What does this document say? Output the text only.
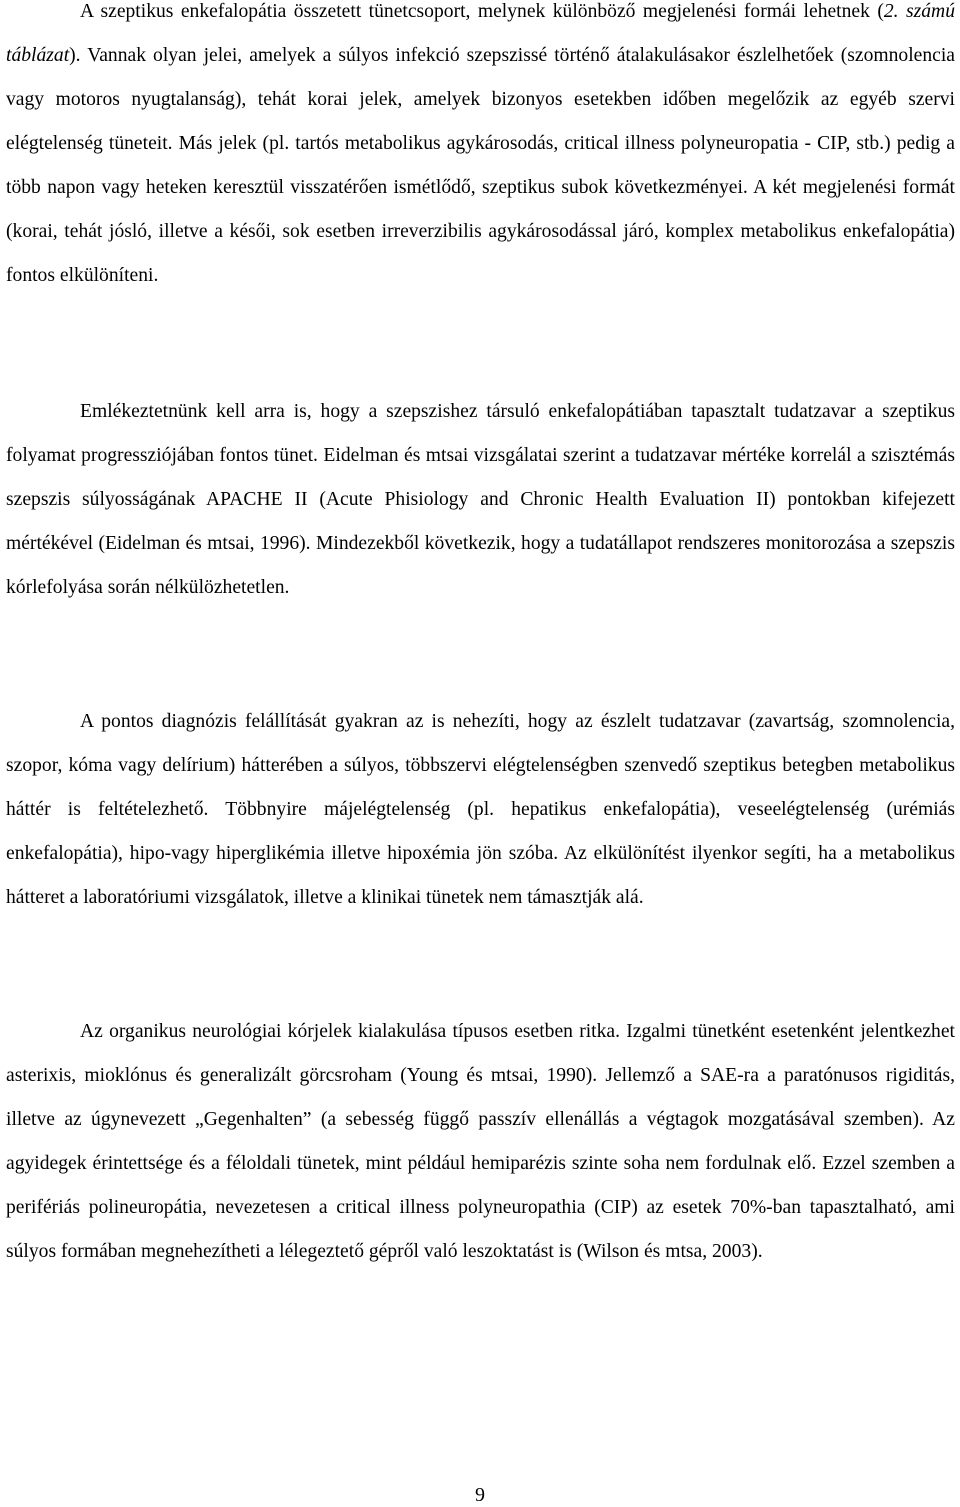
A szeptikus enkefalopátia összetett tünetcsoport, melynek különböző megjelenési formái lehetnek (2. számú táblázat). Vannak olyan jelei, amelyek a súlyos infekció szepszissé történő átalakulásakor észlelhetőek (szomnolencia vagy motoros nyugtalanság), tehát korai jelek, amelyek bizonyos esetekben időben megelőzik az egyéb szervi elégtelenség tüneteit. Más jelek (pl. tartós metabolikus agykárosodás, critical illness polyneuropatia - CIP, stb.) pedig a több napon vagy heteken keresztül visszatérően ismétlődő, szeptikus subok következményei. A két megjelenési formát (korai, tehát jósló, illetve a késői, sok esetben irreverzibilis agykárosodással járó, komplex metabolikus enkefalopátia) fontos elkülöníteni.

Emlékeztetnünk kell arra is, hogy a szepszishez társuló enkefalopátiában tapasztalt tudatzavar a szeptikus folyamat progressziójában fontos tünet. Eidelman és mtsai vizsgálatai szerint a tudatzavar mértéke korrelál a szisztémás szepszis súlyosságának APACHE II (Acute Phisiology and Chronic Health Evaluation II) pontokban kifejezett mértékével (Eidelman és mtsai, 1996). Mindezekből következik, hogy a tudatállapot rendszeres monitorozása a szepszis kórlefolyása során nélkülözhetetlen.

A pontos diagnózis felállítását gyakran az is nehezíti, hogy az észlelt tudatzavar (zavartság, szomnolencia, szopor, kóma vagy delírium) hátterében a súlyos, többszervi elégtelenségben szenvedő szeptikus betegben metabolikus háttér is feltételezhető. Többnyire májelégtelenség (pl. hepatikus enkefalopátia), veseelégtelenség (urémiás enkefalopátia), hipo-vagy hiperglikémia illetve hipoxémia jön szóba. Az elkülönítést ilyenkor segíti, ha a metabolikus hátteret a laboratóriumi vizsgálatok, illetve a klinikai tünetek nem támasztják alá.

Az organikus neurológiai kórjelek kialakulása típusos esetben ritka. Izgalmi tünetként esetenként jelentkezhet asterixis, mioklónus és generalizált görcsroham (Young és mtsai, 1990). Jellemző a SAE-ra a paratónusos rigiditás, illetve az úgynevezett „Gegenhalten” (a sebesség függő passzív ellenállás a végtagok mozgatásával szemben). Az agyidegek érintettsége és a féloldali tünetek, mint például hemiparézis szinte soha nem fordulnak elő. Ezzel szemben a perifériás polineuropátia, nevezetesen a critical illness polyneuropathia (CIP) az esetek 70%-ban tapasztalható, ami súlyos formában megnehezítheti a lélegeztető gépről való leszoktatást is (Wilson és mtsa, 2003).

9
